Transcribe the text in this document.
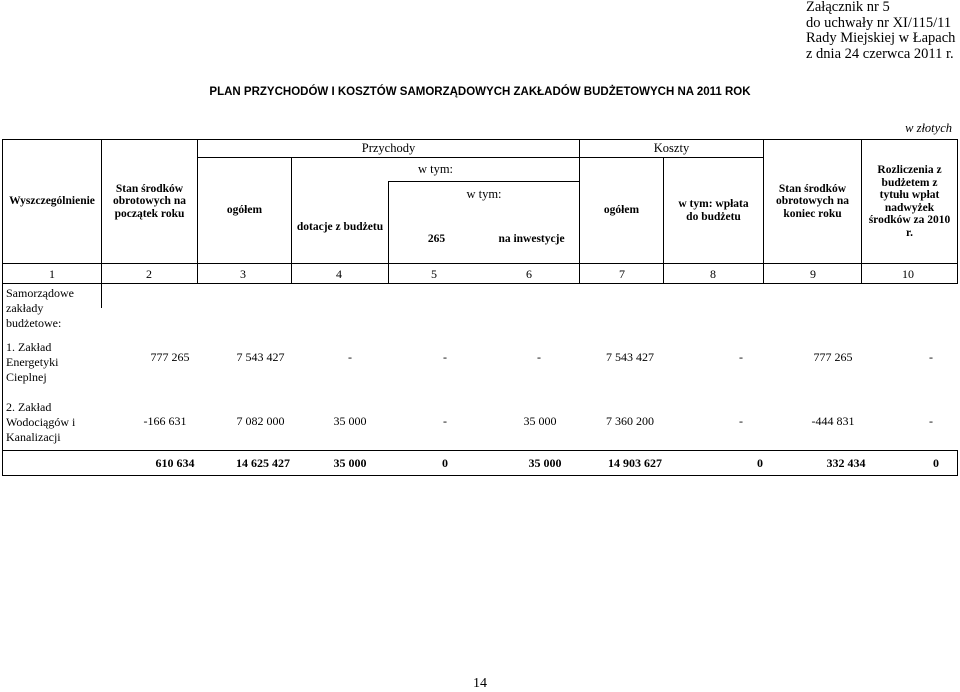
Załącznik nr 5
do uchwały nr XI/115/11
Rady Miejskiej w Łapach
z dnia 24 czerwca 2011 r.
PLAN PRZYCHODÓW I KOSZTÓW SAMORZĄDOWYCH ZAKŁADÓW BUDŻETOWYCH NA 2011 ROK
w złotych
Wyszczególnienie
Stan środków obrotowych na początek roku
Przychody
ogółem
w tym:
dotacje z budżetu
w tym:
265	na inwestycje
Koszty
ogółem
w tym: wpłata do budżetu
Stan środków obrotowych na koniec roku
Rozliczenia z budżetem z tytułu wpłat nadwyżek środków za 2010 r.
1	2	3	4	5	6	7	8	9	10
Samorządowe zakłady budżetowe:
1. Zakład Energetyki Cieplnej
777 265	7 543 427	-	-	-	7 543 427	-	777 265	-
2. Zakład Wodociągów i Kanalizacji
-166 631	7 082 000	35 000	-	35 000	7 360 200	-	-444 831	-
610 634	14 625 427	35 000	0	35 000	14 903 627	0	332 434	0
14
